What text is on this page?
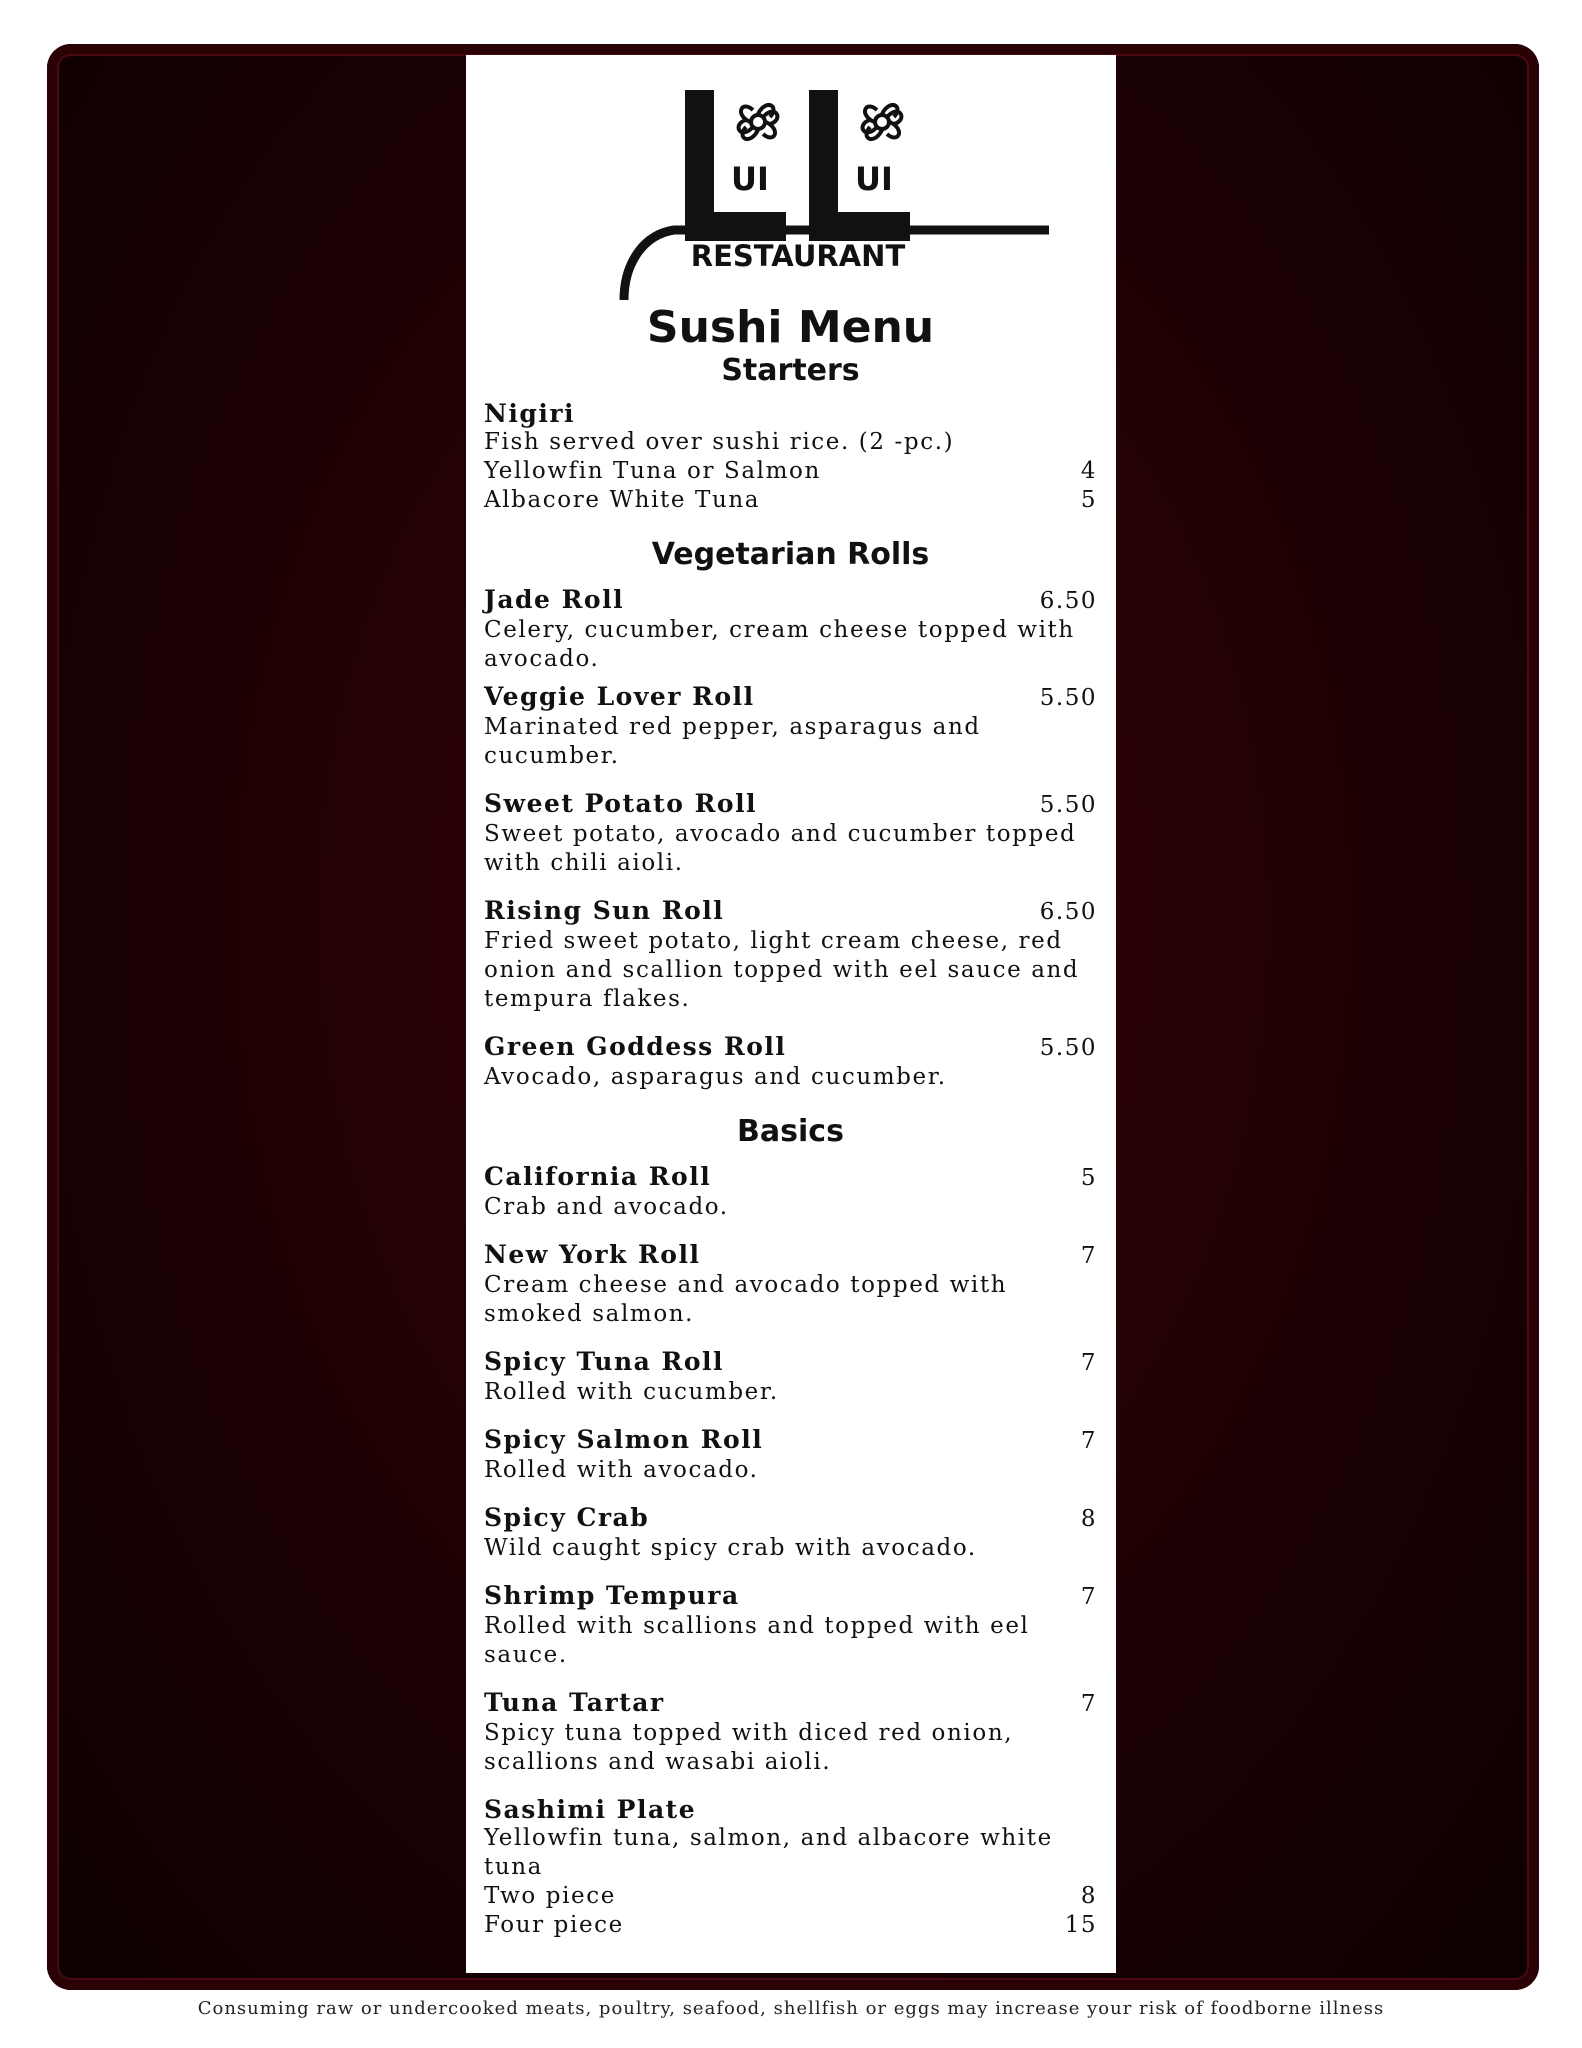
UI	UI
RESTAURANT
Sushi Menu
Starters
Nigiri
Fish served over sushi rice. (2 -pc.)
Yellowfin Tuna or Salmon	4
Albacore White Tuna	5
Vegetarian Rolls
Jade Roll	6.50
Celery, cucumber, cream cheese topped with avocado.
Veggie Lover Roll	5.50
Marinated red pepper, asparagus and cucumber.
Sweet Potato Roll	5.50
Sweet potato, avocado and cucumber topped with chili aioli.
Rising Sun Roll	6.50
Fried sweet potato, light cream cheese, red onion and scallion topped with eel sauce and tempura flakes.
Green Goddess Roll	5.50
Avocado, asparagus and cucumber.
Basics
California Roll	5
Crab and avocado.
New York Roll	7
Cream cheese and avocado topped with smoked salmon.
Spicy Tuna Roll	7
Rolled with cucumber.
Spicy Salmon Roll	7
Rolled with avocado.
Spicy Crab	8
Wild caught spicy crab with avocado.
Shrimp Tempura	7
Rolled with scallions and topped with eel sauce.
Tuna Tartar	7
Spicy tuna topped with diced red onion, scallions and wasabi aioli.
Sashimi Plate
Yellowfin tuna, salmon, and albacore white tuna
Two piece	8
Four piece	15
Consuming raw or undercooked meats, poultry, seafood, shellfish or eggs may increase your risk of foodborne illness
